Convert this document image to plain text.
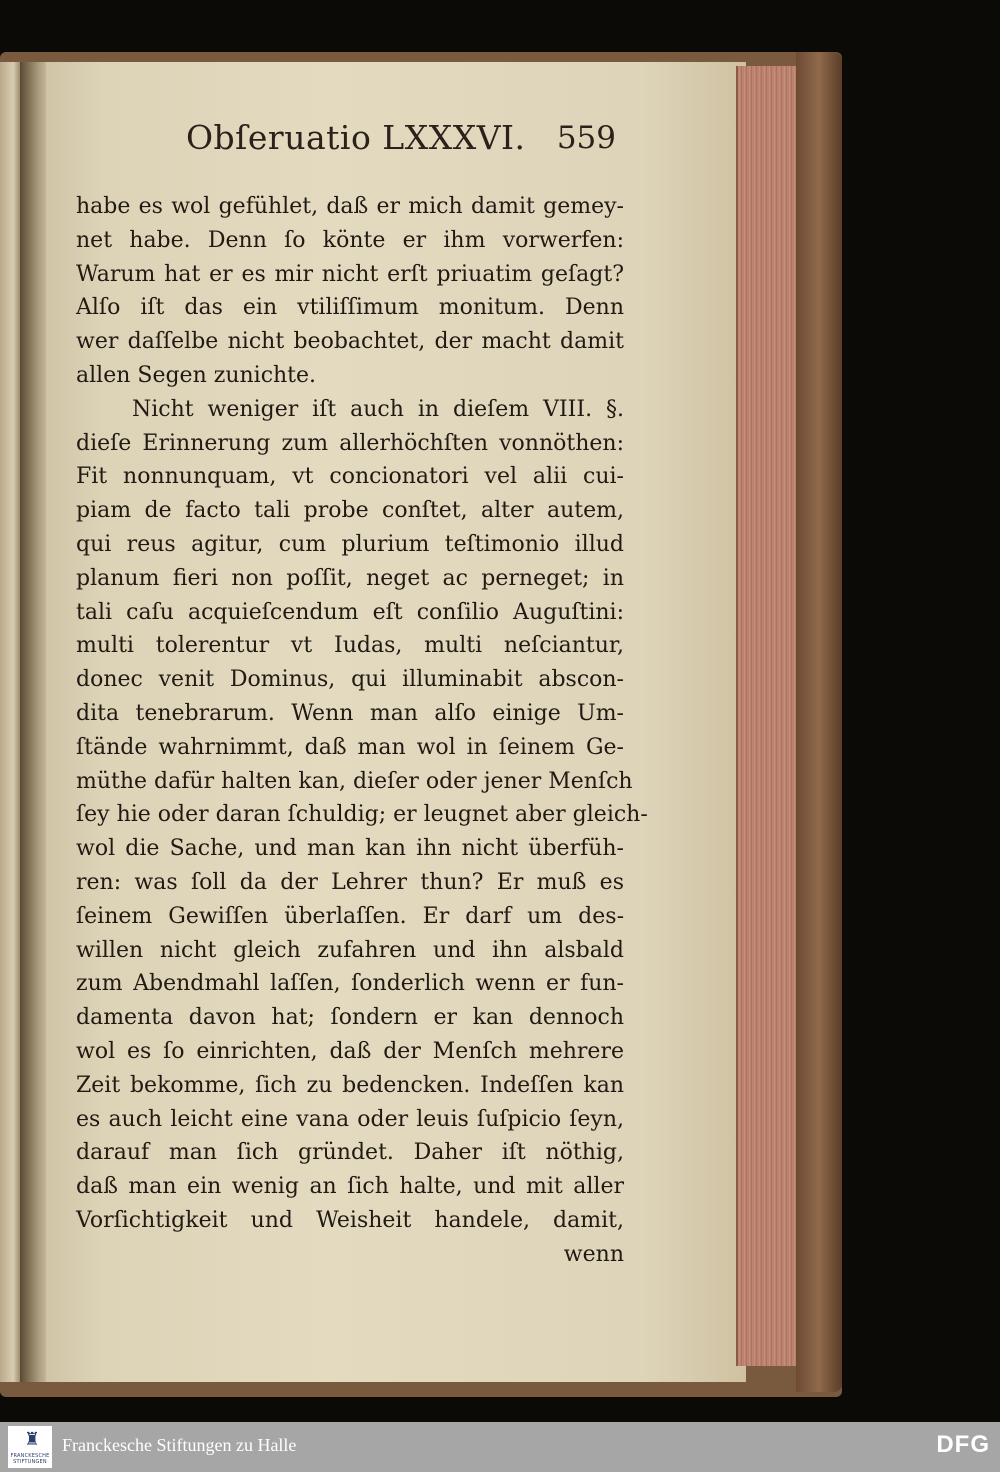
Obſeruatio LXXXVI. 559
habe es wol gefühlet, daß er mich damit gemey-
net habe. Denn ſo könte er ihm vorwerfen:
Warum hat er es mir nicht erſt priuatim geſagt?
Alſo iſt das ein vtiliſſimum monitum. Denn
wer daſſelbe nicht beobachtet, der macht damit
allen Segen zunichte.
Nicht weniger iſt auch in dieſem VIII. §.
dieſe Erinnerung zum allerhöchſten vonnöthen:
Fit nonnunquam, vt concionatori vel alii cui-
piam de facto tali probe conſtet, alter autem,
qui reus agitur, cum plurium teſtimonio illud
planum fieri non poſſit, neget ac perneget; in
tali caſu acquieſcendum eſt conſilio Auguſtini:
multi tolerentur vt Iudas, multi neſciantur,
donec venit Dominus, qui illuminabit abscon-
dita tenebrarum. Wenn man alſo einige Um-
ſtände wahrnimmt, daß man wol in ſeinem Ge-
müthe dafür halten kan, dieſer oder jener Menſch
ſey hie oder daran ſchuldig; er leugnet aber gleich-
wol die Sache, und man kan ihn nicht überfüh-
ren: was ſoll da der Lehrer thun? Er muß es
ſeinem Gewiſſen überlaſſen. Er darf um des-
willen nicht gleich zufahren und ihn alsbald
zum Abendmahl laſſen, ſonderlich wenn er fun-
damenta davon hat; ſondern er kan dennoch
wol es ſo einrichten, daß der Menſch mehrere
Zeit bekomme, ſich zu bedencken. Indeſſen kan
es auch leicht eine vana oder leuis ſuſpicio ſeyn,
darauf man ſich gründet. Daher iſt nöthig,
daß man ein wenig an ſich halte, und mit aller
Vorſichtigkeit und Weisheit handele, damit,
wenn
♜
FRANCKESCHE STIFTUNGEN
Franckesche Stiftungen zu Halle	DFG
